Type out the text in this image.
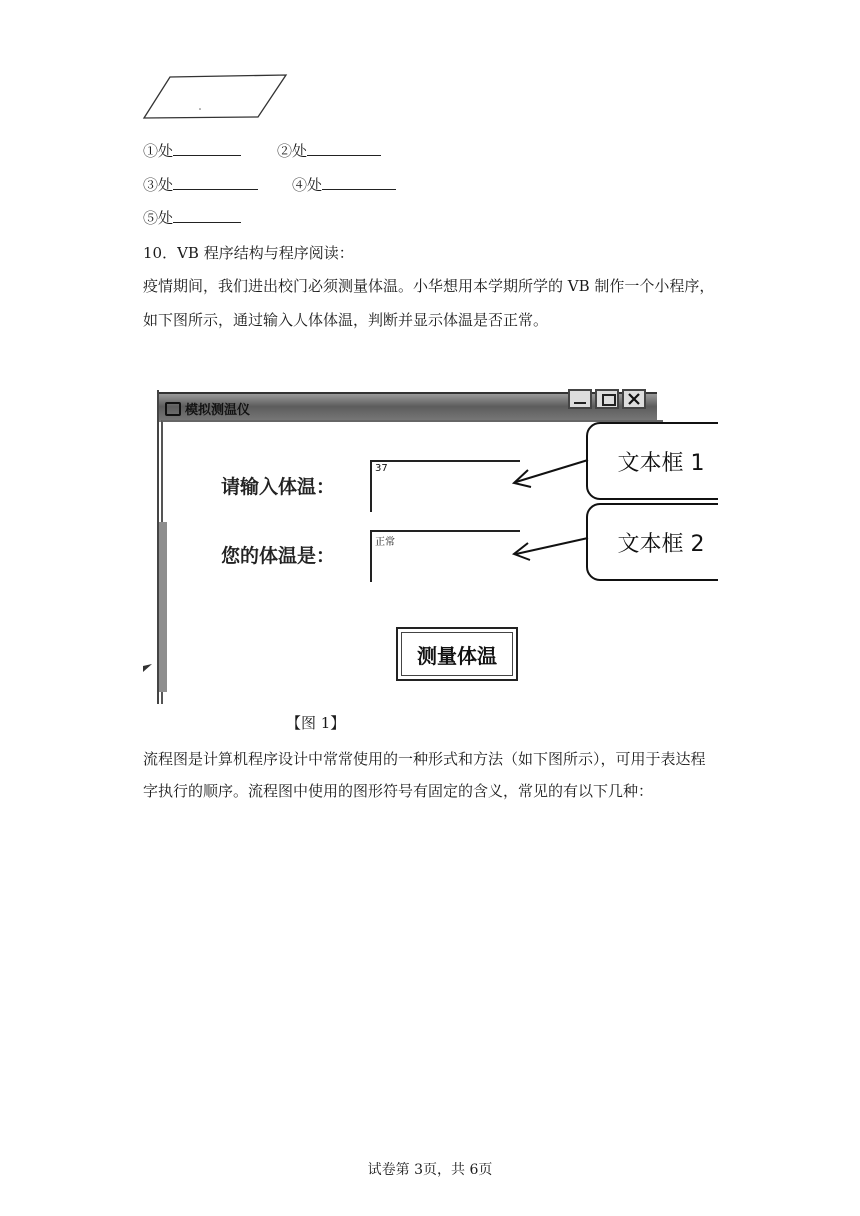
①处	②处
③处	④处
⑤处
10．VB 程序结构与程序阅读：
疫情期间，我们进出校门必须测量体温。小华想用本学期所学的 VB 制作一个小程序，
如下图所示，通过输入人体体温，判断并显示体温是否正常。
模拟测温仪
请输入体温：
37
您的体温是：
正常
文本框 1
文本框 2
测量体温
【图 1】
流程图是计算机程序设计中常常使用的一种形式和方法（如下图所示），可用于表达程
字执行的顺序。流程图中使用的图形符号有固定的含义，常见的有以下几种：
试卷第 3页，共 6页
